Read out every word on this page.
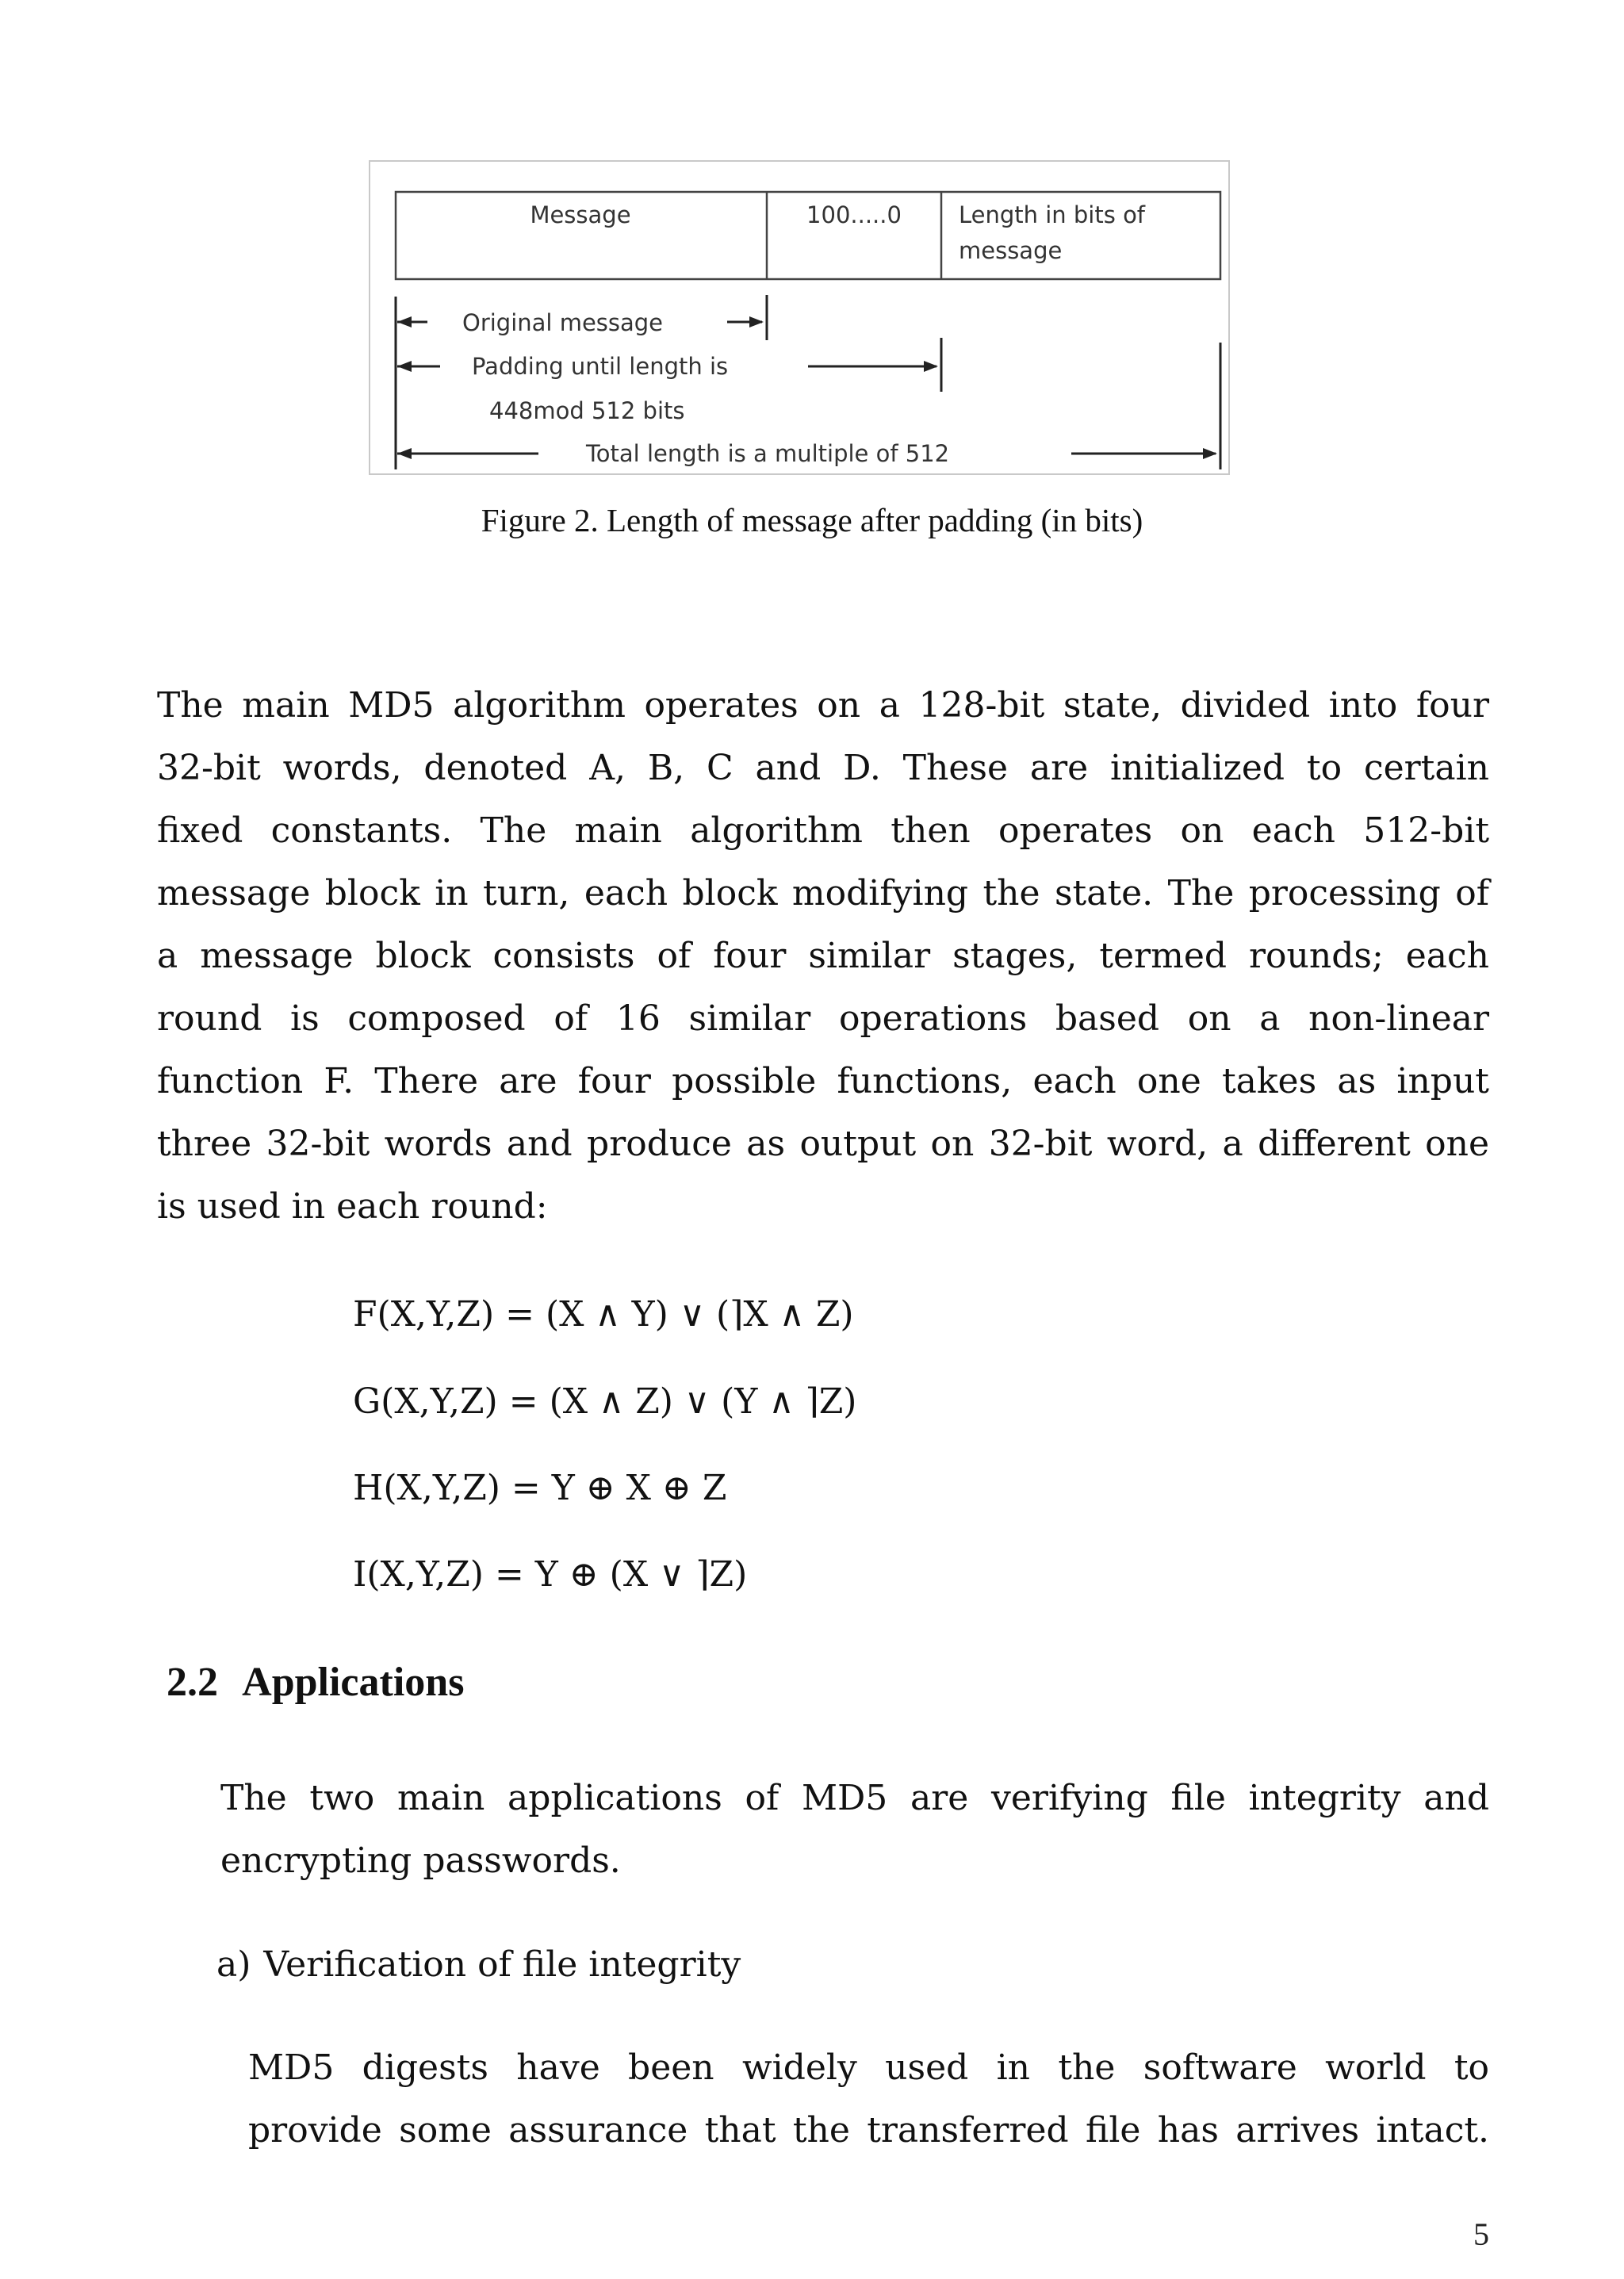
Message	100.....0 Length in bits of
message
Original message
Padding until length is
448mod 512 bits
Total length is a multiple of 512
Figure 2. Length of message after padding (in bits)
The main MD5 algorithm operates on a 128-bit state, divided into four
32-bit words, denoted A, B, C and D. These are initialized to certain
fixed constants. The main algorithm then operates on each 512-bit
message block in turn, each block modifying the state. The processing of
a message block consists of four similar stages, termed rounds; each
round is composed of 16 similar operations based on a non-linear
function F. There are four possible functions, each one takes as input
three 32-bit words and produce as output on 32-bit word, a different one
is used in each round:

F(X,Y,Z) = (X ∧ Y) ∨ (⌉X ∧ Z)

G(X,Y,Z) = (X ∧ Z) ∨ (Y ∧ ⌉Z)

H(X,Y,Z) = Y ⊕ X ⊕ Z

I(X,Y,Z) = Y ⊕ (X ∨ ⌉Z)

2.2 Applications
The two main applications of MD5 are verifying file integrity and
encrypting passwords.

a) Verification of file integrity

MD5 digests have been widely used in the software world to
provide some assurance that the transferred file has arrives intact.
5
